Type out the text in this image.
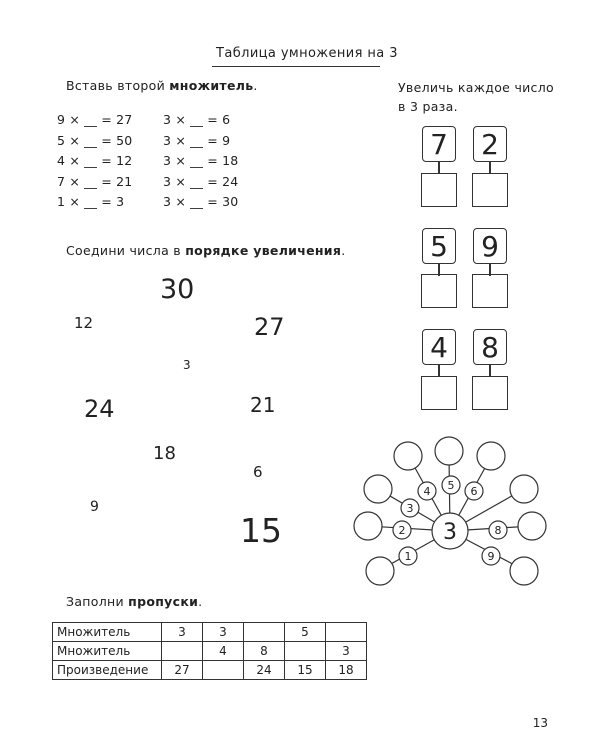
Таблица умножения на 3
Вставь второй множитель.
9 × __ = 27
5 × __ = 50
4 × __ = 12
7 × __ = 21
1 × __ = 3
3 × __ = 6
3 × __ = 9
3 × __ = 18
3 × __ = 24
3 × __ = 30
Увеличь каждое число
в 3 раза.
7 2
5 9
4 8
Соедини числа в порядке увеличения.
30
12	27
3
24	21
18
6
9
15	3
1
2
3
4 5 6
8
9
Заполни пропуски.
Множитель	3	3		5	
Множитель		4	8		3
Произведение	27		24	15	18
13
